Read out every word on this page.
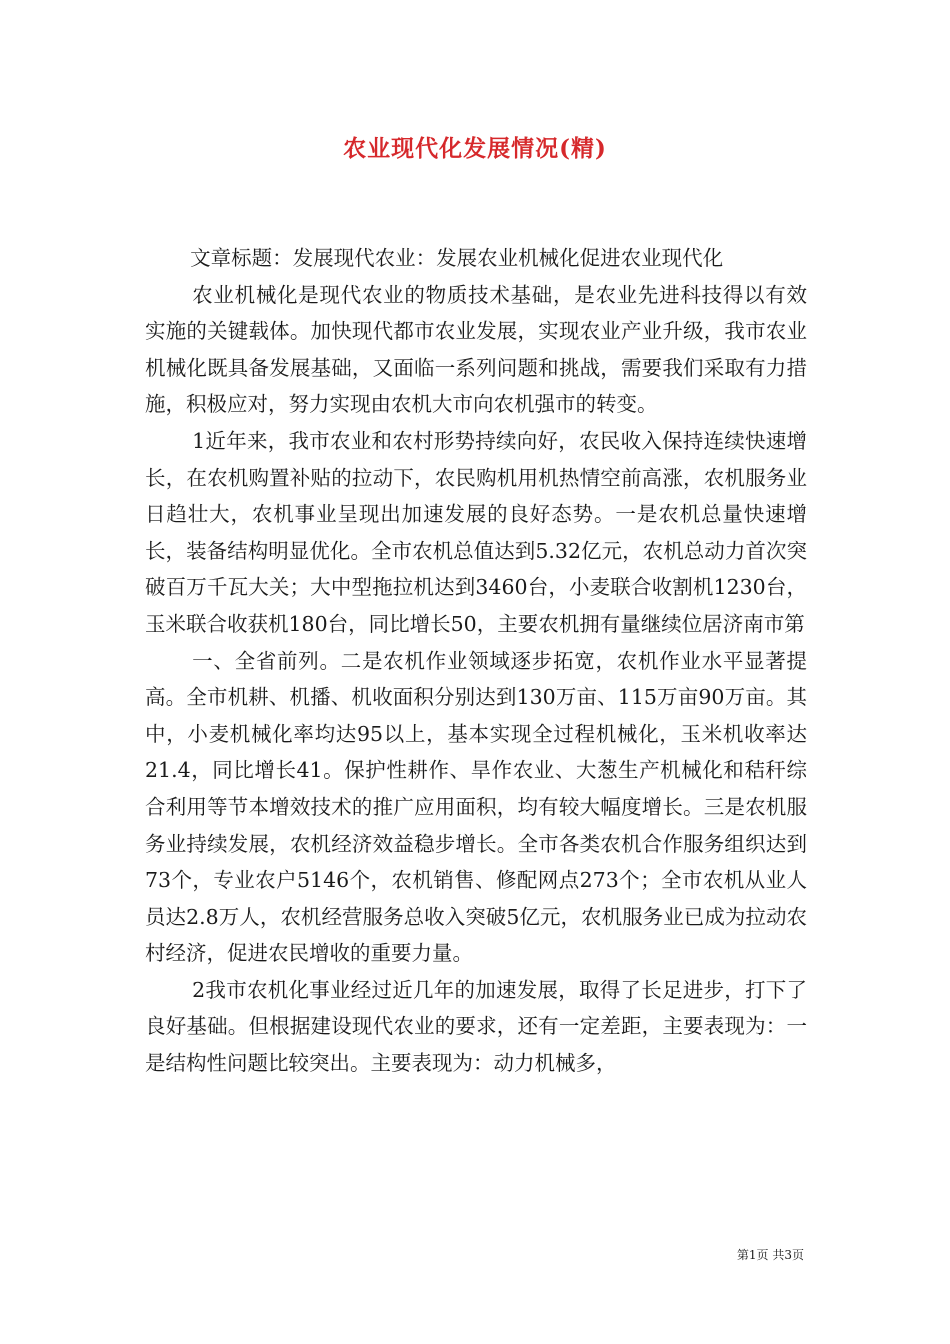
农业现代化发展情况(精)

文章标题：发展现代农业：发展农业机械化促进农业现代化

农业机械化是现代农业的物质技术基础，是农业先进科技得以有效实施的关键载体。加快现代都市农业发展，实现农业产业升级，我市农业机械化既具备发展基础，又面临一系列问题和挑战，需要我们采取有力措施，积极应对，努力实现由农机大市向农机强市的转变。

1近年来，我市农业和农村形势持续向好，农民收入保持连续快速增长，在农机购置补贴的拉动下，农民购机用机热情空前高涨，农机服务业日趋壮大，农机事业呈现出加速发展的良好态势。一是农机总量快速增长，装备结构明显优化。全市农机总值达到5.32亿元，农机总动力首次突破百万千瓦大关；大中型拖拉机达到3460台，小麦联合收割机1230台，玉米联合收获机180台，同比增长50，主要农机拥有量继续位居济南市第

一、全省前列。二是农机作业领域逐步拓宽，农机作业水平显著提高。全市机耕、机播、机收面积分别达到130万亩、115万亩90万亩。其中，小麦机械化率均达95以上，基本实现全过程机械化，玉米机收率达21.4，同比增长41。保护性耕作、旱作农业、大葱生产机械化和秸秆综合利用等节本增效技术的推广应用面积，均有较大幅度增长。三是农机服务业持续发展，农机经济效益稳步增长。全市各类农机合作服务组织达到73个，专业农户5146个，农机销售、修配网点273个；全市农机从业人员达2.8万人，农机经营服务总收入突破5亿元，农机服务业已成为拉动农村经济，促进农民增收的重要力量。

2我市农机化事业经过近几年的加速发展，取得了长足进步，打下了良好基础。但根据建设现代农业的要求，还有一定差距，主要表现为：一是结构性问题比较突出。主要表现为：动力机械多，

第1页 共3页
